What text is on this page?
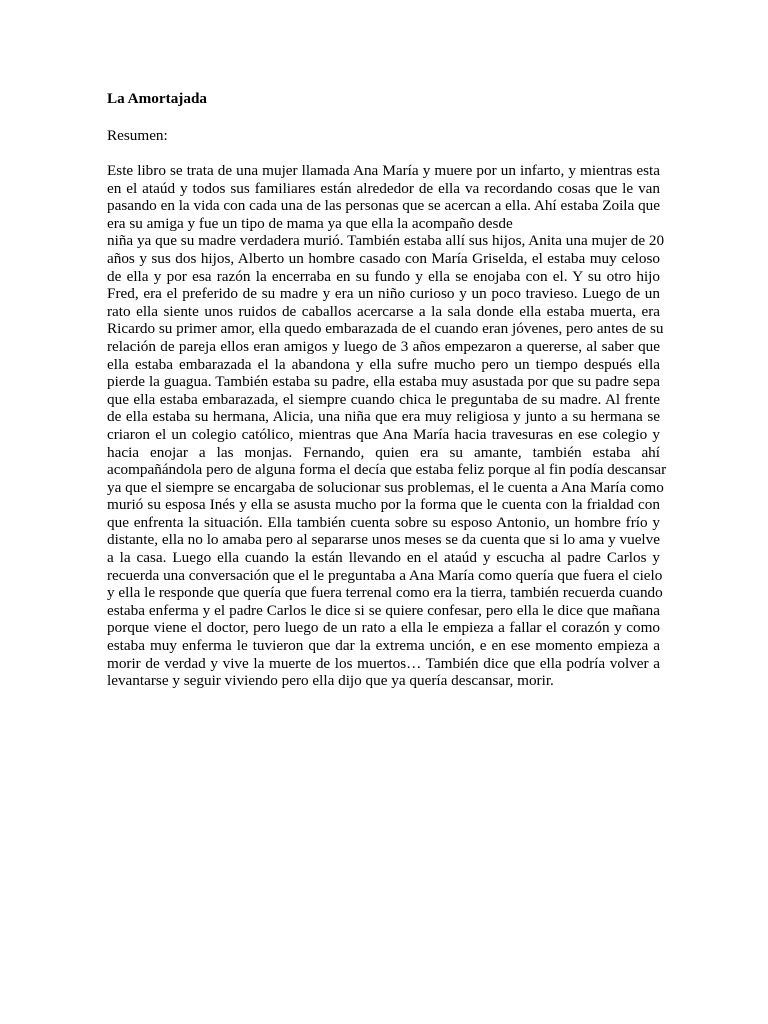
La Amortajada

Resumen:

Este libro se trata de una mujer llamada Ana María y muere por un infarto, y mientras esta
en el ataúd y todos sus familiares están alrededor de ella va recordando cosas que le van
pasando en la vida con cada una de las personas que se acercan a ella. Ahí estaba Zoila que
era su amiga y fue un tipo de mama ya que ella la acompaño desde
niña ya que su madre verdadera murió. También estaba allí sus hijos, Anita una mujer de 20
años y sus dos hijos, Alberto un hombre casado con María Griselda, el estaba muy celoso
de ella y por esa razón la encerraba en su fundo y ella se enojaba con el. Y su otro hijo
Fred, era el preferido de su madre y era un niño curioso y un poco travieso. Luego de un
rato ella siente unos ruidos de caballos acercarse a la sala donde ella estaba muerta, era
Ricardo su primer amor, ella quedo embarazada de el cuando eran jóvenes, pero antes de su
relación de pareja ellos eran amigos y luego de 3 años empezaron a quererse, al saber que
ella estaba embarazada el la abandona y ella sufre mucho pero un tiempo después ella
pierde la guagua. También estaba su padre, ella estaba muy asustada por que su padre sepa
que ella estaba embarazada, el siempre cuando chica le preguntaba de su madre. Al frente
de ella estaba su hermana, Alicia, una niña que era muy religiosa y junto a su hermana se
criaron el un colegio católico, mientras que Ana María hacia travesuras en ese colegio y
hacia enojar a las monjas. Fernando, quien era su amante, también estaba ahí
acompañándola pero de alguna forma el decía que estaba feliz porque al fin podía descansar
ya que el siempre se encargaba de solucionar sus problemas, el le cuenta a Ana María como
murió su esposa Inés y ella se asusta mucho por la forma que le cuenta con la frialdad con
que enfrenta la situación. Ella también cuenta sobre su esposo Antonio, un hombre frío y
distante, ella no lo amaba pero al separarse unos meses se da cuenta que si lo ama y vuelve
a la casa. Luego ella cuando la están llevando en el ataúd y escucha al padre Carlos y
recuerda una conversación que el le preguntaba a Ana María como quería que fuera el cielo
y ella le responde que quería que fuera terrenal como era la tierra, también recuerda cuando
estaba enferma y el padre Carlos le dice si se quiere confesar, pero ella le dice que mañana
porque viene el doctor, pero luego de un rato a ella le empieza a fallar el corazón y como
estaba muy enferma le tuvieron que dar la extrema unción, e en ese momento empieza a
morir de verdad y vive la muerte de los muertos… También dice que ella podría volver a
levantarse y seguir viviendo pero ella dijo que ya quería descansar, morir.
